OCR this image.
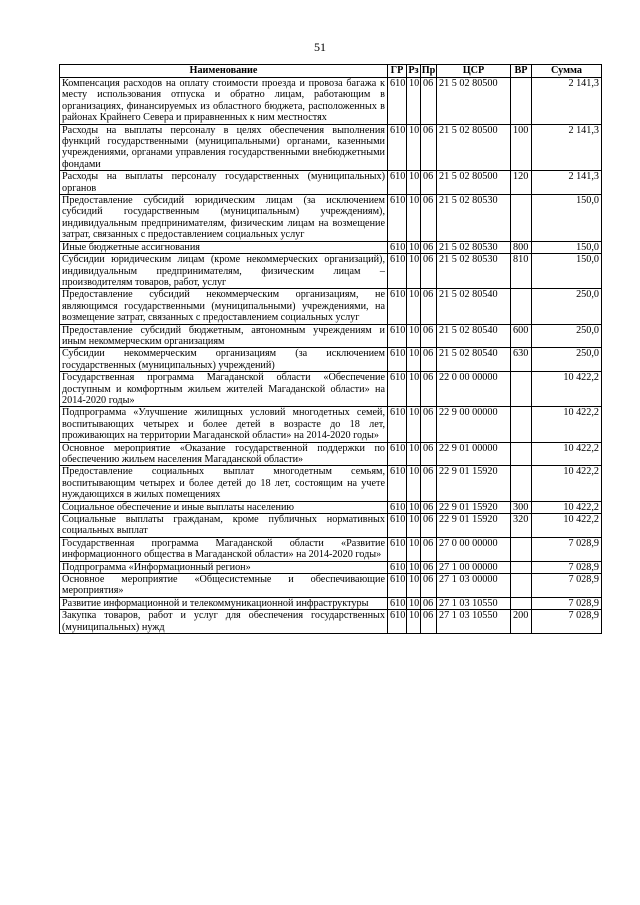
51
Наименование	ГР	Рз	Пр	ЦСР	ВР	Сумма
Компенсация расходов на оплату стоимости проезда и провоза багажа к месту использования отпуска и обратно лицам, работающим в организациях, финансируемых из областного бюджета, расположенных в районах Крайнего Севера и приравненных к ним местностях	610	10	06	21 5 02 80500		2 141,3
Расходы на выплаты персоналу в целях обеспечения выполнения функций государственными (муниципальными) органами, казенными учреждениями, органами управления государственными внебюджетными фондами	610	10	06	21 5 02 80500	100	2 141,3
Расходы на выплаты персоналу государственных (муниципальных) органов	610	10	06	21 5 02 80500	120	2 141,3
Предоставление субсидий юридическим лицам (за исключением субсидий государственным (муниципальным) учреждениям), индивидуальным предпринимателям, физическим лицам на возмещение затрат, связанных с предоставлением социальных услуг	610	10	06	21 5 02 80530		150,0
Иные бюджетные ассигнования	610	10	06	21 5 02 80530	800	150,0
Субсидии юридическим лицам (кроме некоммерческих организаций), индивидуальным предпринимателям, физическим лицам – производителям товаров, работ, услуг	610	10	06	21 5 02 80530	810	150,0
Предоставление субсидий некоммерческим организациям, не являющимся государственными (муниципальными) учреждениями, на возмещение затрат, связанных с предоставлением социальных услуг	610	10	06	21 5 02 80540		250,0
Предоставление субсидий бюджетным, автономным учреждениям и иным некоммерческим организациям	610	10	06	21 5 02 80540	600	250,0
Субсидии некоммерческим организациям (за исключением государственных (муниципальных) учреждений)	610	10	06	21 5 02 80540	630	250,0
Государственная программа Магаданской области «Обеспечение доступным и комфортным жильем жителей Магаданской области» на 2014-2020 годы»	610	10	06	22 0 00 00000		10 422,2
Подпрограмма «Улучшение жилищных условий многодетных семей, воспитывающих четырех и более детей в возрасте до 18 лет, проживающих на территории Магаданской области» на 2014-2020 годы»	610	10	06	22 9 00 00000		10 422,2
Основное мероприятие «Оказание государственной поддержки по обеспечению жильем населения Магаданской области»	610	10	06	22 9 01 00000		10 422,2
Предоставление социальных выплат многодетным семьям, воспитывающим четырех и более детей до 18 лет, состоящим на учете нуждающихся в жилых помещениях	610	10	06	22 9 01 15920		10 422,2
Социальное обеспечение и иные выплаты населению	610	10	06	22 9 01 15920	300	10 422,2
Социальные выплаты гражданам, кроме публичных нормативных социальных выплат	610	10	06	22 9 01 15920	320	10 422,2
Государственная программа Магаданской области «Развитие информационного общества в Магаданской области» на 2014-2020 годы»	610	10	06	27 0 00 00000		7 028,9
Подпрограмма «Информационный регион»	610	10	06	27 1 00 00000		7 028,9
Основное мероприятие «Общесистемные и обеспечивающие мероприятия»	610	10	06	27 1 03 00000		7 028,9
Развитие информационной и телекоммуникационной инфраструктуры	610	10	06	27 1 03 10550		7 028,9
Закупка товаров, работ и услуг для обеспечения государственных (муниципальных) нужд	610	10	06	27 1 03 10550	200	7 028,9
